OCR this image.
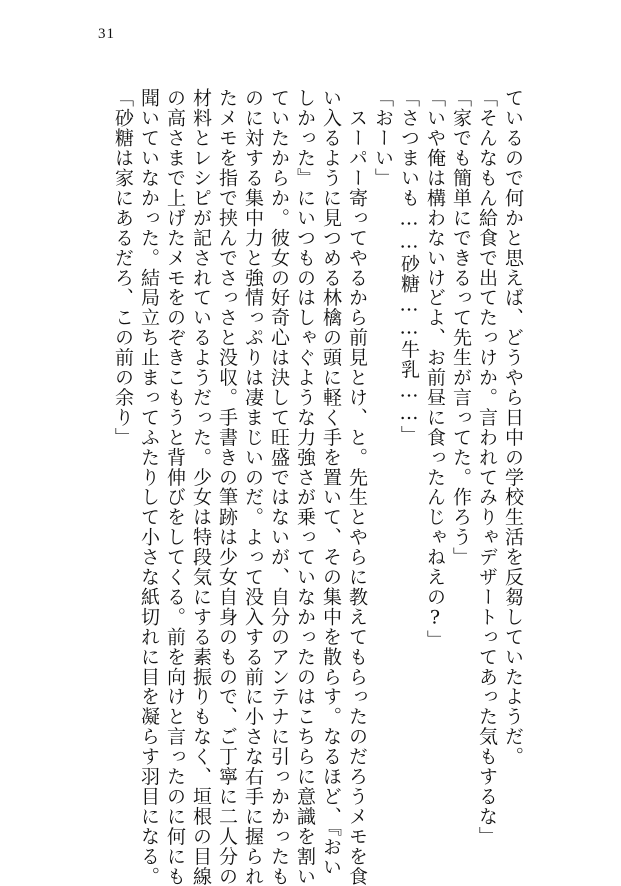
31
ているので何かと思えば、どうやら日中の学校生活を反芻していたようだ。
「そんなもん給食で出てたっけか。言われてみりゃデザートってあった気もするな」
「家でも簡単にできるって先生が言ってた。作ろう」
「いや俺は構わないけどよ、お前昼に食ったんじゃねえの?」
「さつまいも……砂糖……牛乳……」
「おーい」
　スーパー寄ってやるから前見とけ、と。先生とやらに教えてもらったのだろうメモを食
い入るように見つめる林檎の頭に軽く手を置いて、その集中を散らす。なるほど、『おい
しかった』にいつものはしゃぐような力強さが乗っていなかったのはこちらに意識を割い
ていたからか。彼女の好奇心は決して旺盛ではないが、自分のアンテナに引っかかったも
のに対する集中力と強情っぷりは凄まじいのだ。よって没入する前に小さな右手に握られ
たメモを指で挟んでさっさと没収。手書きの筆跡は少女自身のもので、ご丁寧に二人分の
材料とレシピが記されているようだった。少女は特段気にする素振りもなく、垣根の目線
の高さまで上げたメモをのぞきこもうと背伸びをしてくる。前を向けと言ったのに何にも
聞いていなかった。結局立ち止まってふたりして小さな紙切れに目を凝らす羽目になる。
「砂糖は家にあるだろ、この前の余り」
